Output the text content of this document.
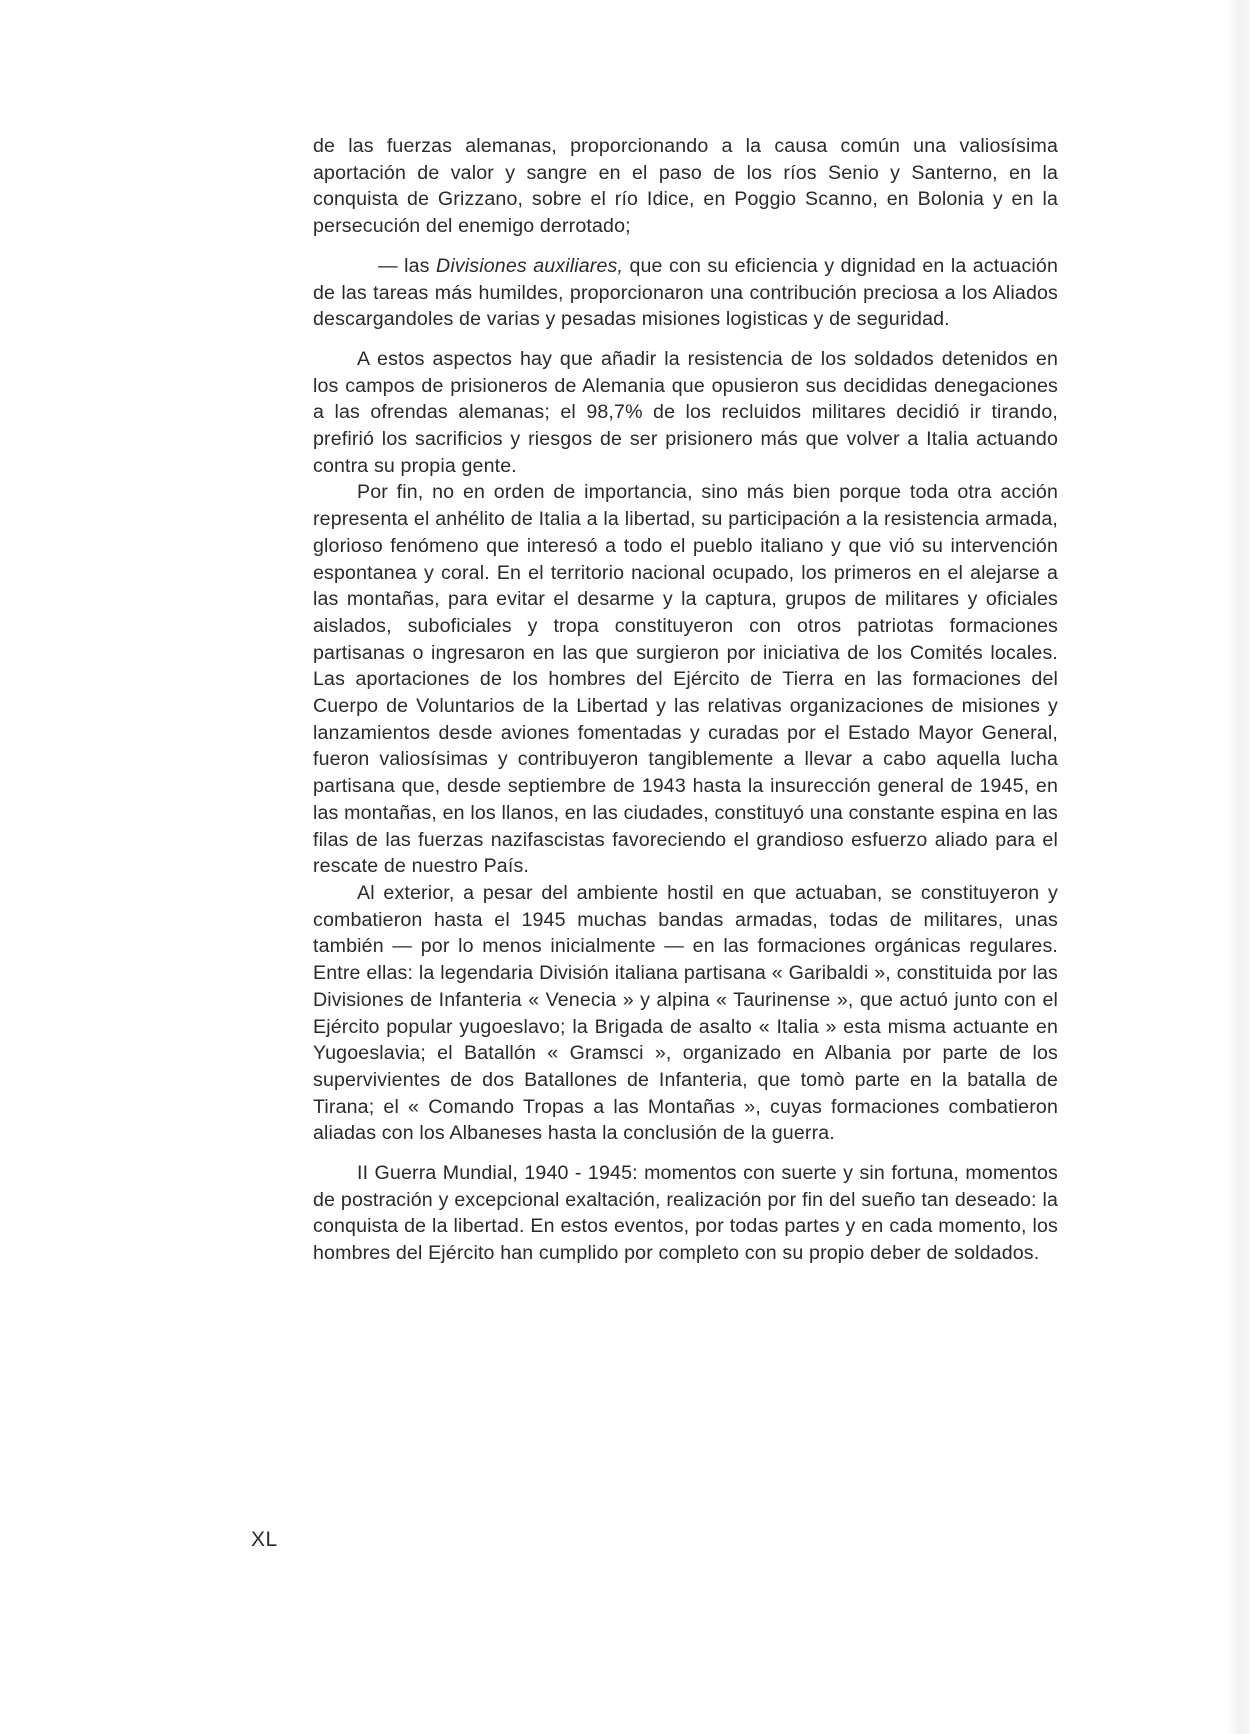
de las fuerzas alemanas, proporcionando a la causa común una valiosísima aportación de valor y sangre en el paso de los ríos Senio y Santerno, en la conquista de Grizzano, sobre el río Idice, en Poggio Scanno, en Bolonia y en la persecución del enemigo derrotado;

— las Divisiones auxiliares, que con su eficiencia y dignidad en la actuación de las tareas más humildes, proporcionaron una contribución preciosa a los Aliados descargandoles de varias y pesadas misiones logisticas y de seguridad.

A estos aspectos hay que añadir la resistencia de los soldados detenidos en los campos de prisioneros de Alemania que opusieron sus decididas denegaciones a las ofrendas alemanas; el 98,7% de los recluidos militares decidió ir tirando, prefirió los sacrificios y riesgos de ser prisionero más que volver a Italia actuando contra su propia gente.

Por fin, no en orden de importancia, sino más bien porque toda otra acción representa el anhélito de Italia a la libertad, su participación a la resistencia armada, glorioso fenómeno que interesó a todo el pueblo italiano y que vió su intervención espontanea y coral. En el territorio nacional ocupado, los primeros en el alejarse a las montañas, para evitar el desarme y la captura, grupos de militares y oficiales aislados, suboficiales y tropa constituyeron con otros patriotas formaciones partisanas o ingresaron en las que surgieron por iniciativa de los Comités locales. Las aportaciones de los hombres del Ejército de Tierra en las formaciones del Cuerpo de Voluntarios de la Libertad y las relativas organizaciones de misiones y lanzamientos desde aviones fomentadas y curadas por el Estado Mayor General, fueron valiosísimas y contribuyeron tangiblemente a llevar a cabo aquella lucha partisana que, desde septiembre de 1943 hasta la insurección general de 1945, en las montañas, en los llanos, en las ciudades, constituyó una constante espina en las filas de las fuerzas nazifascistas favoreciendo el grandioso esfuerzo aliado para el rescate de nuestro País.

Al exterior, a pesar del ambiente hostil en que actuaban, se constituyeron y combatieron hasta el 1945 muchas bandas armadas, todas de militares, unas también — por lo menos inicialmente — en las formaciones orgánicas regulares. Entre ellas: la legendaria División italiana partisana « Garibaldi », constituida por las Divisiones de Infanteria « Venecia » y alpina « Taurinense », que actuó junto con el Ejército popular yugoeslavo; la Brigada de asalto « Italia » esta misma actuante en Yugoeslavia; el Batallón « Gramsci », organizado en Albania por parte de los supervivientes de dos Batallones de Infanteria, que tomò parte en la batalla de Tirana; el « Comando Tropas a las Montañas », cuyas formaciones combatieron aliadas con los Albaneses hasta la conclusión de la guerra.

II Guerra Mundial, 1940 - 1945: momentos con suerte y sin fortuna, momentos de postración y excepcional exaltación, realización por fin del sueño tan deseado: la conquista de la libertad. En estos eventos, por todas partes y en cada momento, los hombres del Ejército han cumplido por completo con su propio deber de soldados.

XL
